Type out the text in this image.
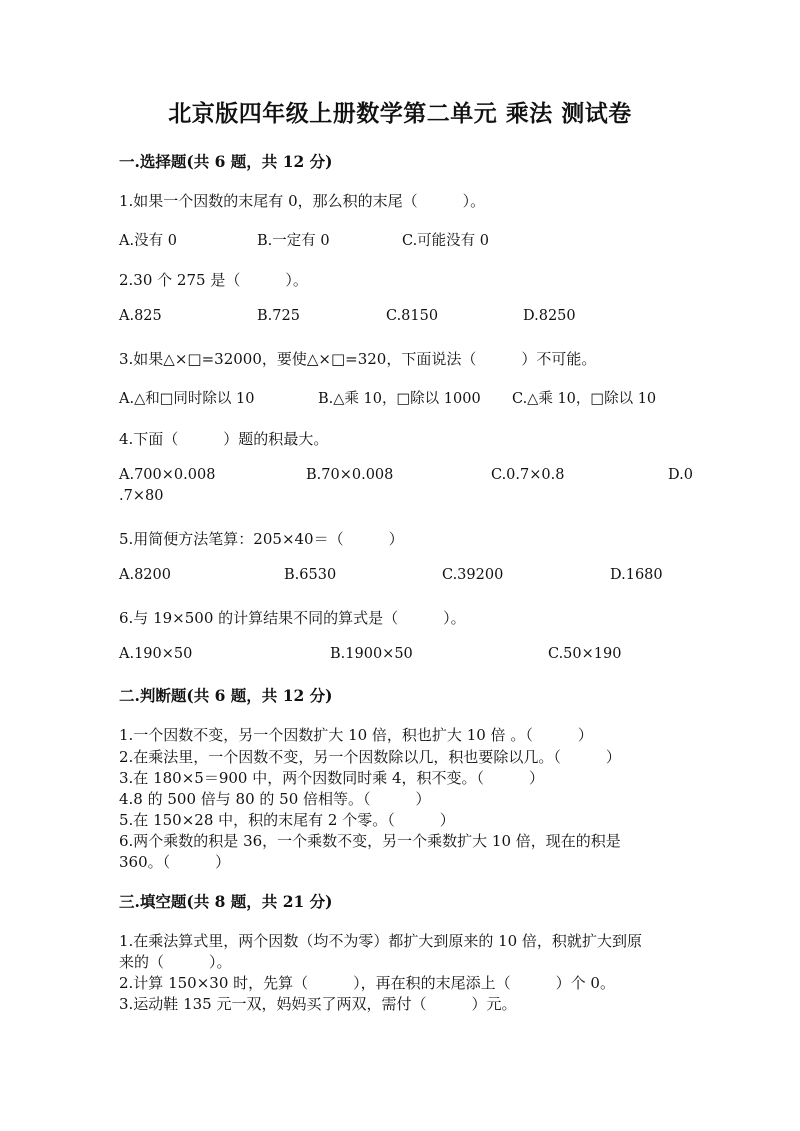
北京版四年级上册数学第二单元 乘法 测试卷
一.选择题(共 6 题，共 12 分)
1.如果一个因数的末尾有 0，那么积的末尾（　　　）。
A.没有 0	B.一定有 0	C.可能没有 0
2.30 个 275 是（　　　）。
A.825	B.725	C.8150	D.8250
3.如果△×□=32000，要使△×□=320，下面说法（　　　）不可能。
A.△和□同时除以 10	B.△乘 10，□除以 1000 C.△乘 10，□除以 10
4.下面（　　　）题的积最大。
A.700×0.008	B.70×0.008	C.0.7×0.8	D.0
.7×80
5.用简便方法笔算：205×40＝（　　　）
A.8200	B.6530	C.39200	D.1680
6.与 19×500 的计算结果不同的算式是（　　　）。
A.190×50	B.1900×50	C.50×190
二.判断题(共 6 题，共 12 分)
1.一个因数不变，另一个因数扩大 10 倍，积也扩大 10 倍 。（　　　）
2.在乘法里，一个因数不变，另一个因数除以几，积也要除以几。（　　　）
3.在 180×5＝900 中，两个因数同时乘 4，积不变。（　　　）
4.8 的 500 倍与 80 的 50 倍相等。（　　　）
5.在 150×28 中，积的末尾有 2 个零。（　　　）
6.两个乘数的积是 36，一个乘数不变，另一个乘数扩大 10 倍，现在的积是
360。（　　　）
三.填空题(共 8 题，共 21 分)
1.在乘法算式里，两个因数（均不为零）都扩大到原来的 10 倍，积就扩大到原
来的（　　　）。
2.计算 150×30 时，先算（　　　），再在积的末尾添上（　　　）个 0。
3.运动鞋 135 元一双，妈妈买了两双，需付（　　　）元。
